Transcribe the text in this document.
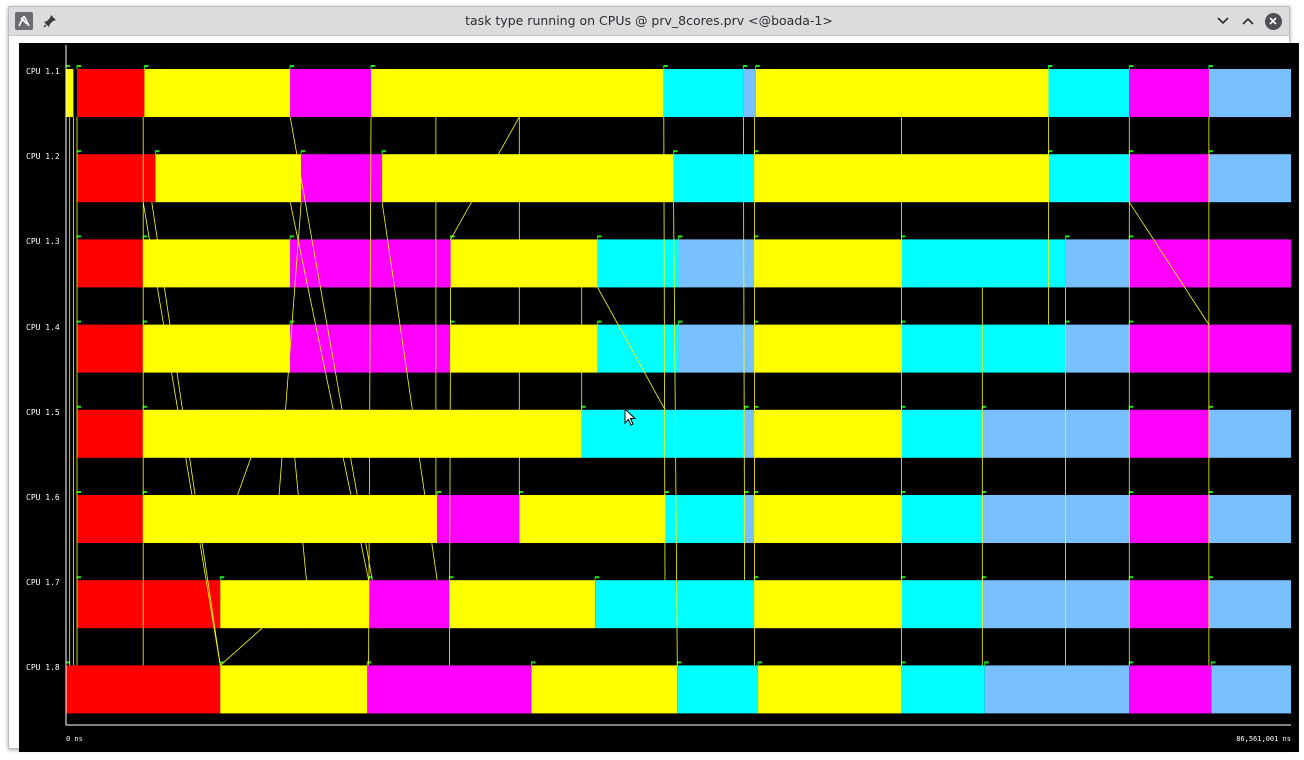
task type running on CPUs @ prv_8cores.prv <@boada-1>
CPU 1.1
CPU 1.2
CPU 1.3
CPU 1.4
CPU 1.5
CPU 1.6
CPU 1.7
CPU 1.8
0 ns	86,561,001 ns
